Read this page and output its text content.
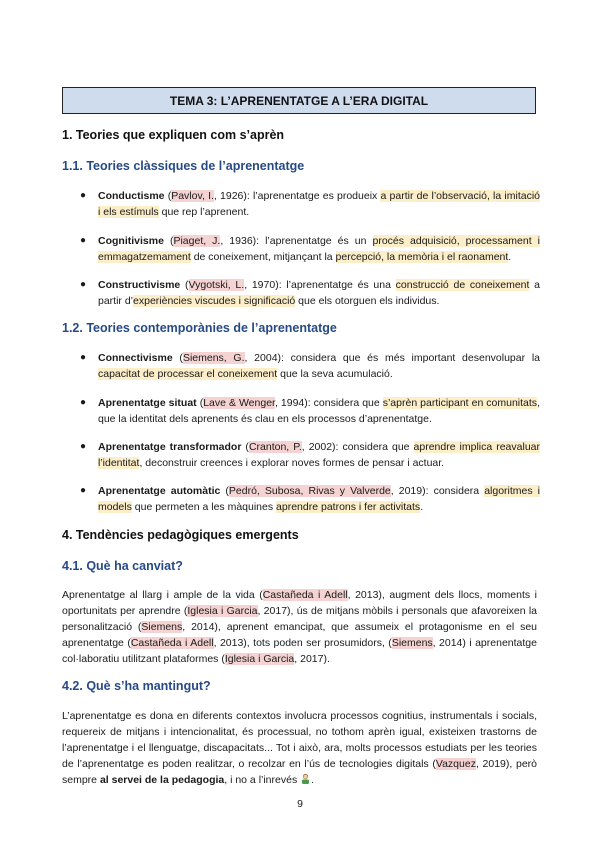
TEMA 3: L’APRENENTATGE A L’ERA DIGITAL
1. Teories que expliquen com s’aprèn
1.1. Teories clàssiques de l’aprenentatge
● Conductisme (Pavlov, I., 1926): l’aprenentatge es produeix a partir de l’observació, la imitació i els estímuls que rep l’aprenent.
● Cognitivisme (Piaget, J., 1936): l’aprenentatge és un procés adquisició, processament i emmagatzemament de coneixement, mitjançant la percepció, la memòria i el raonament.
● Constructivisme (Vygotski, L., 1970): l’aprenentatge és una construcció de coneixement a partir d’experiències viscudes i significació que els otorguen els individus.
1.2. Teories contemporànies de l’aprenentatge
● Connectivisme (Siemens, G., 2004): considera que és més important desenvolupar la capacitat de processar el coneixement que la seva acumulació.
● Aprenentatge situat (Lave & Wenger, 1994): considera que s’aprèn participant en comunitats, que la identitat dels aprenents és clau en els processos d’aprenentatge.
● Aprenentatge transformador (Cranton, P., 2002): considera que aprendre implica reavaluar l’identitat, deconstruir creences i explorar noves formes de pensar i actuar.
● Aprenentatge automàtic (Pedró, Subosa, Rivas y Valverde, 2019): considera algoritmes i models que permeten a les màquines aprendre patrons i fer activitats.
4. Tendències pedagògiques emergents
4.1. Què ha canviat?
Aprenentatge al llarg i ample de la vida (Castañeda i Adell, 2013), augment dels llocs, moments i oportunitats per aprendre (Iglesia i Garcia, 2017), ús de mitjans mòbils i personals que afavoreixen la personalització (Siemens, 2014), aprenent emancipat, que assumeix el protagonisme en el seu aprenentatge (Castañeda i Adell, 2013), tots poden ser prosumidors, (Siemens, 2014) i aprenentatge col·laboratiu utilitzant plataformes (Iglesia i Garcia, 2017).
4.2. Què s’ha mantingut?
L’aprenentatge es dona en diferents contextos involucra processos cognitius, instrumentals i socials, requereix de mitjans i intencionalitat, és processual, no tothom aprèn igual, existeixen trastorns de l’aprenentatge i el llenguatge, discapacitats... Tot i això, ara, molts processos estudiats per les teories de l’aprenentatge es poden realitzar, o recolzar en l’ús de tecnologies digitals (Vazquez, 2019), però sempre al servei de la pedagogia, i no a l’inrevés .
9
